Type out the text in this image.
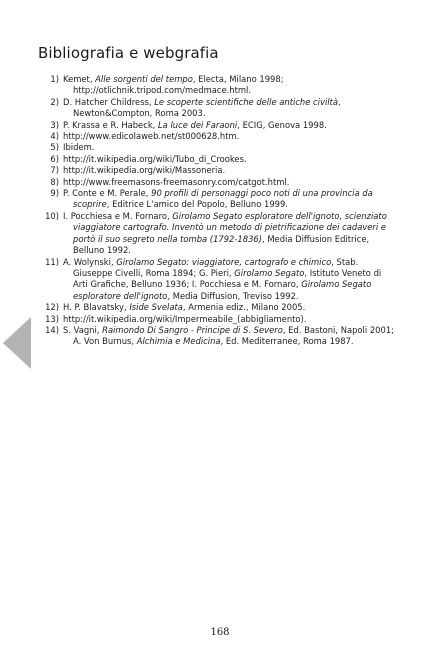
Bibliografia e webgrafia
1) Kemet, Alle sorgenti del tempo, Electa, Milano 1998; http://otlichnik.tripod.com/medmace.html.
2) D. Hatcher Childress, Le scoperte scientifiche delle antiche civiltà, Newton&Compton, Roma 2003.
3) P. Krassa e R. Habeck, La luce dei Faraoni, ECIG, Genova 1998.
4) http://www.edicolaweb.net/st000628.htm.
5) Ibidem.
6) http://it.wikipedia.org/wiki/Tubo_di_Crookes.
7) http://it.wikipedia.org/wiki/Massoneria.
8) http://www.freemasons-freemasonry.com/catgot.html.
9) P. Conte e M. Perale, 90 profili di personaggi poco noti di una provincia da scoprire, Editrice L'amico del Popolo, Belluno 1999.
10) I. Pocchiesa e M. Fornaro, Girolamo Segato esploratore dell'ignoto, scienziato viaggiatore cartografo. Inventò un metodo di pietrificazione dei cadaveri e portò il suo segreto nella tomba (1792-1836), Media Diffusion Editrice, Belluno 1992.
11) A. Wolynski, Girolamo Segato: viaggiatore, cartografo e chimico, Stab. Giuseppe Civelli, Roma 1894; G. Pieri, Girolamo Segato, Istituto Veneto di Arti Grafiche, Belluno 1936; I. Pocchiesa e M. Fornaro, Girolamo Segato esploratore dell'ignoto, Media Diffusion, Treviso 1992.
12) H. P. Blavatsky, Iside Svelata, Armenia ediz., Milano 2005.
13) http://it.wikipedia.org/wiki/Impermeabile_(abbigliamento).
14) S. Vagni, Raimondo Di Sangro - Principe di S. Severo, Ed. Bastoni, Napoli 2001; A. Von Burnus, Alchimia e Medicina, Ed. Mediterranee, Roma 1987.
168
